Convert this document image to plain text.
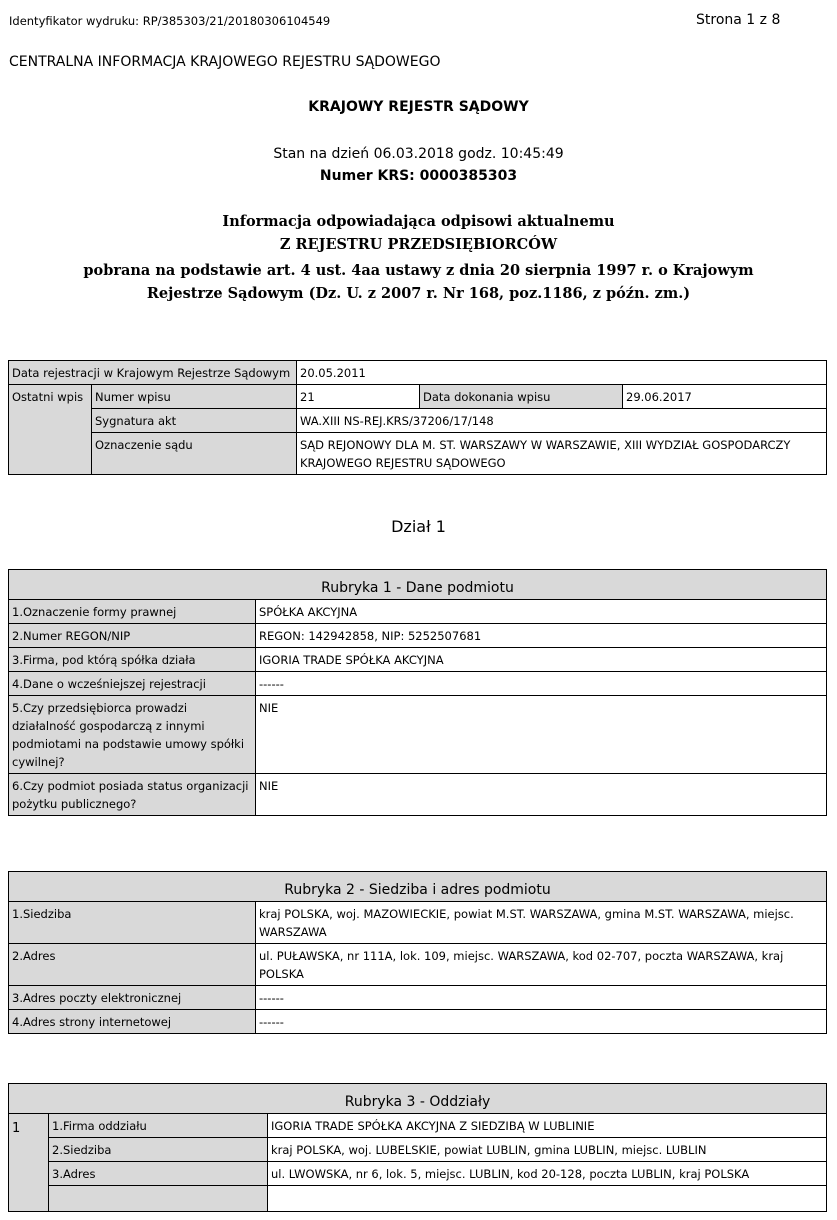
Identyfikator wydruku: RP/385303/21/20180306104549	Strona 1 z 8
CENTRALNA INFORMACJA KRAJOWEGO REJESTRU SĄDOWEGO
KRAJOWY REJESTR SĄDOWY
Stan na dzień 06.03.2018 godz. 10:45:49
Numer KRS: 0000385303
Informacja odpowiadająca odpisowi aktualnemu
Z REJESTRU PRZEDSIĘBIORCÓW
pobrana na podstawie art. 4 ust. 4aa ustawy z dnia 20 sierpnia 1997 r. o Krajowym Rejestrze Sądowym (Dz. U. z 2007 r. Nr 168, poz.1186, z późn. zm.)
Data rejestracji w Krajowym Rejestrze Sądowym		20.05.2011		
Ostatni wpis	Numer wpisu	21	Data dokonania wpisu	29.06.2017
	Sygnatura akt	WA.XIII NS-REJ.KRS/37206/17/148		
	Oznaczenie sądu	SĄD REJONOWY DLA M. ST. WARSZAWY W WARSZAWIE, XIII WYDZIAŁ GOSPODARCZY KRAJOWEGO REJESTRU SĄDOWEGO		
Dział 1
Rubryka 1 - Dane podmiotu	
1.Oznaczenie formy prawnej	SPÓŁKA AKCYJNA
2.Numer REGON/NIP	REGON: 142942858, NIP: 5252507681
3.Firma, pod którą spółka działa	IGORIA TRADE SPÓŁKA AKCYJNA
4.Dane o wcześniejszej rejestracji	------
5.Czy przedsiębiorca prowadzi działalność gospodarczą z innymi podmiotami na podstawie umowy spółki cywilnej?	NIE
6.Czy podmiot posiada status organizacji pożytku publicznego?	NIE
Rubryka 2 - Siedziba i adres podmiotu	
1.Siedziba	kraj POLSKA, woj. MAZOWIECKIE, powiat M.ST. WARSZAWA, gmina M.ST. WARSZAWA, miejsc. WARSZAWA
2.Adres	ul. PUŁAWSKA, nr 111A, lok. 109, miejsc. WARSZAWA, kod 02-707, poczta WARSZAWA, kraj POLSKA
3.Adres poczty elektronicznej	------
4.Adres strony internetowej	------
Rubryka 3 - Oddziały		
1	1.Firma oddziału	IGORIA TRADE SPÓŁKA AKCYJNA Z SIEDZIBĄ W LUBLINIE
	2.Siedziba	kraj POLSKA, woj. LUBELSKIE, powiat LUBLIN, gmina LUBLIN, miejsc. LUBLIN
	3.Adres	ul. LWOWSKA, nr 6, lok. 5, miejsc. LUBLIN, kod 20-128, poczta LUBLIN, kraj POLSKA
